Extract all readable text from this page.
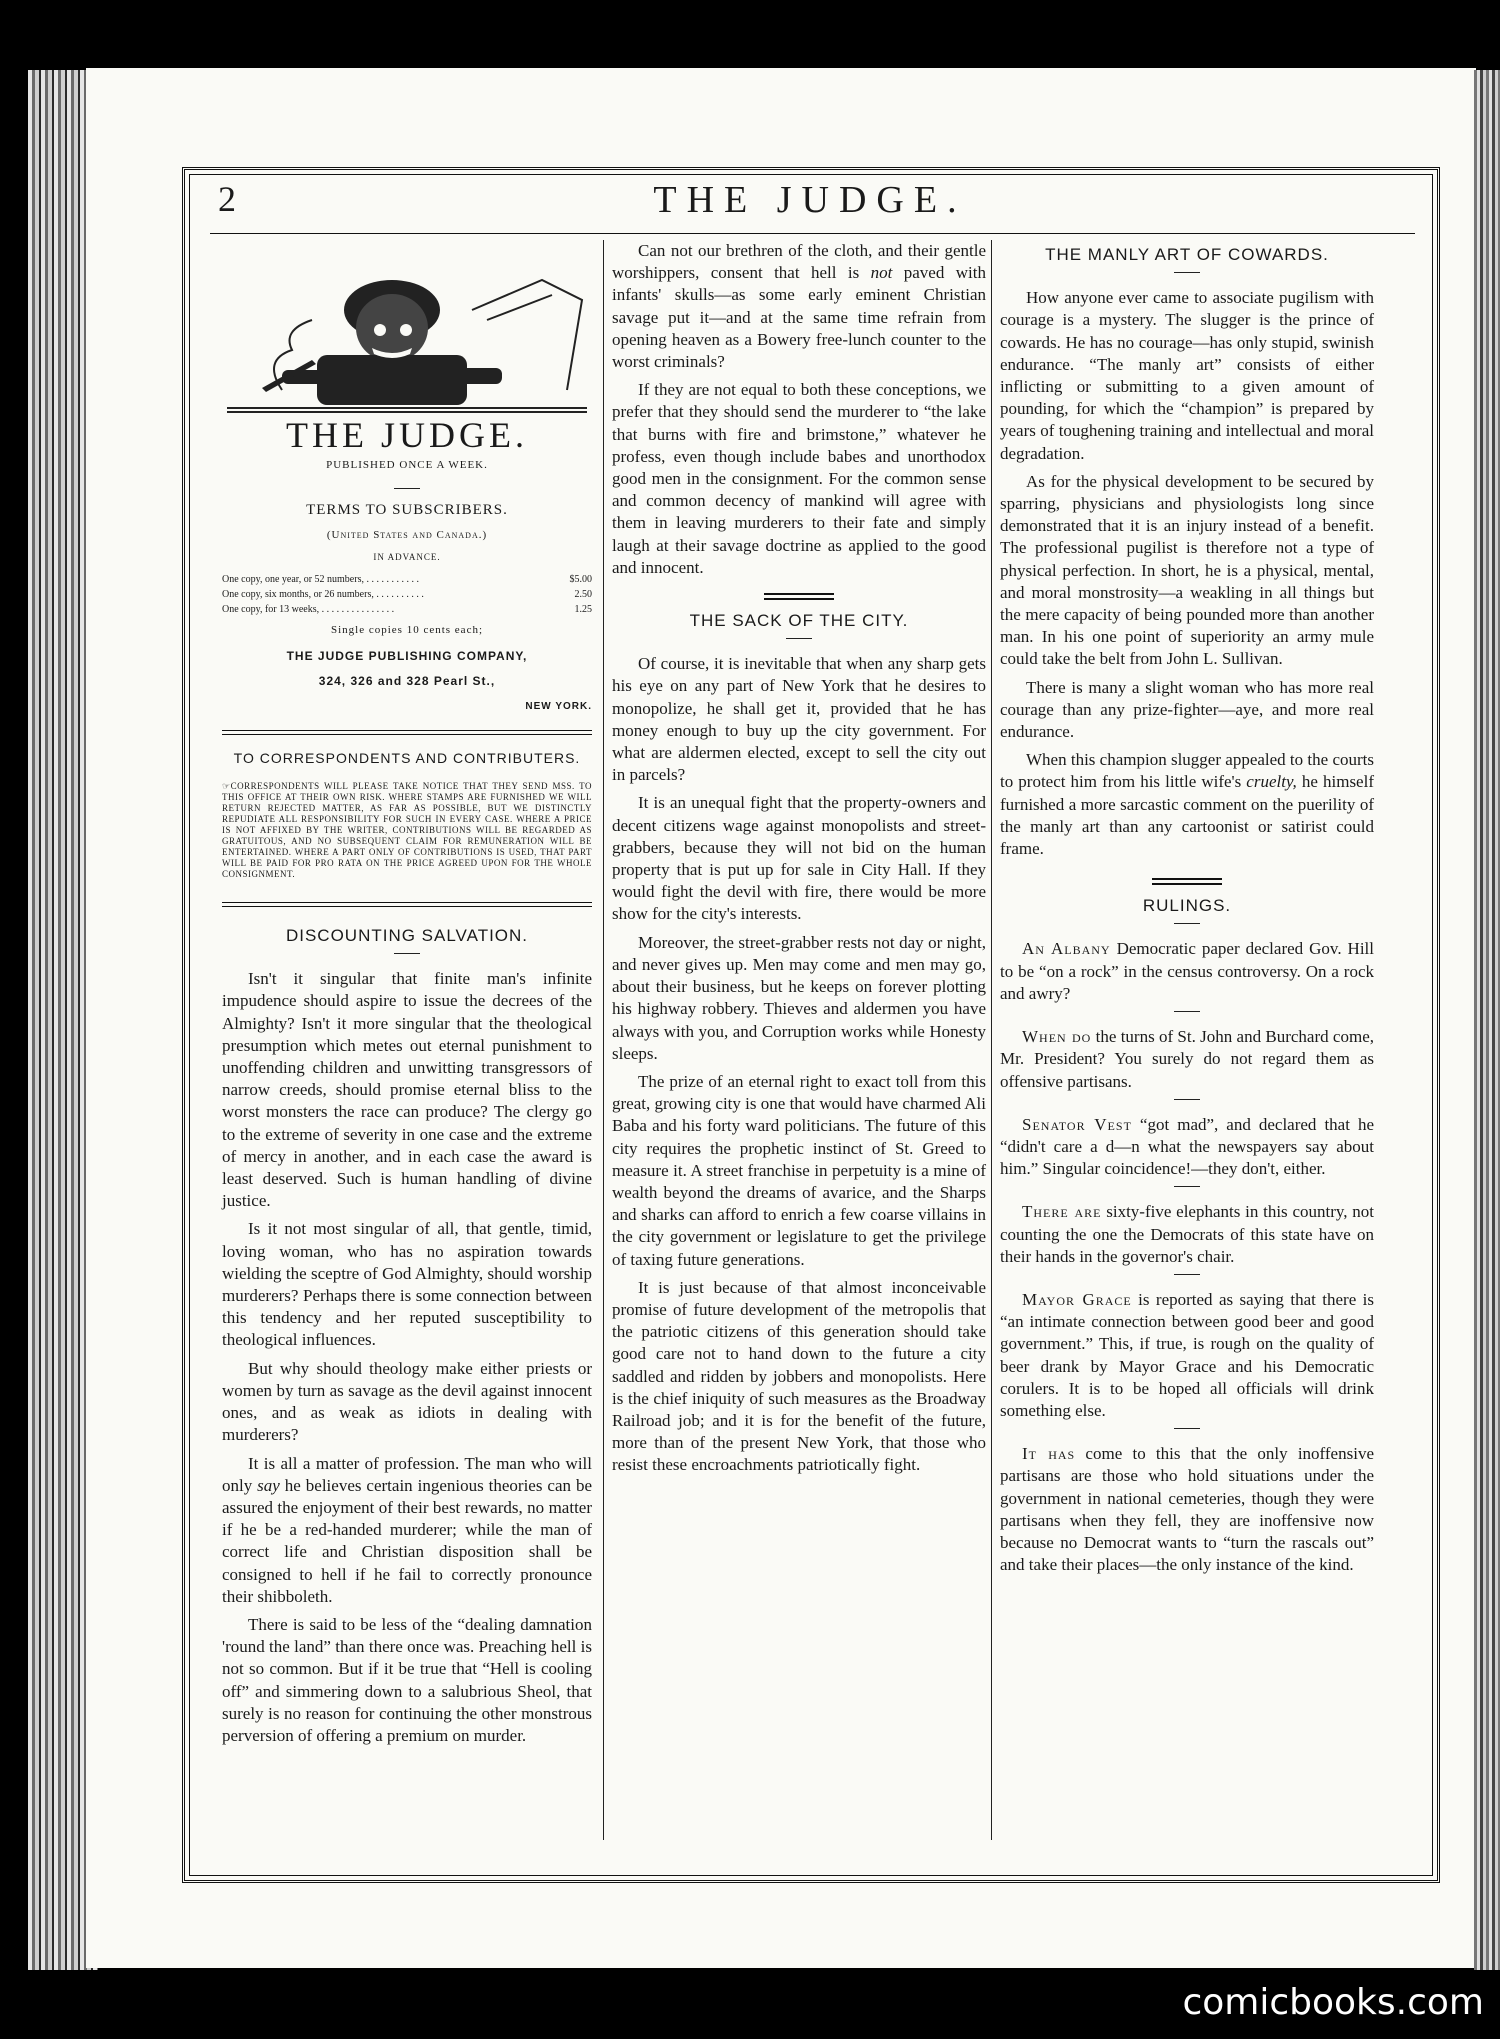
2	THE JUDGE.
THE JUDGE.
PUBLISHED ONCE A WEEK.
TERMS TO SUBSCRIBERS.
(United States and Canada.)
IN ADVANCE.
One copy, one year, or 52 numbers, . . . . . . . . . . .	$5.00
One copy, six months, or 26 numbers, . . . . . . . . . .	2.50
One copy, for 13 weeks, . . . . . . . . . . . . . . .	1.25
Single copies 10 cents each;
THE JUDGE PUBLISHING COMPANY,
324, 326 and 328 Pearl St.,
NEW YORK.
TO CORRESPONDENTS AND CONTRIBUTERS.
☞CORRESPONDENTS WILL PLEASE TAKE NOTICE THAT THEY SEND MSS. TO THIS OFFICE AT THEIR OWN RISK. WHERE STAMPS ARE FURNISHED WE WILL RETURN REJECTED MATTER, AS FAR AS POSSIBLE, BUT WE DISTINCTLY REPUDIATE ALL RESPONSIBILITY FOR SUCH IN EVERY CASE. WHERE A PRICE IS NOT AFFIXED BY THE WRITER, CONTRIBUTIONS WILL BE REGARDED AS GRATUITOUS, AND NO SUBSEQUENT CLAIM FOR REMUNERATION WILL BE ENTERTAINED. WHERE A PART ONLY OF CONTRIBUTIONS IS USED, THAT PART WILL BE PAID FOR PRO RATA ON THE PRICE AGREED UPON FOR THE WHOLE CONSIGNMENT.
DISCOUNTING SALVATION.

Isn't it singular that finite man's infinite impudence should aspire to issue the decrees of the Almighty? Isn't it more singular that the theological presumption which metes out eternal punishment to unoffending children and unwitting transgressors of narrow creeds, should promise eternal bliss to the worst monsters the race can produce? The clergy go to the extreme of severity in one case and the extreme of mercy in another, and in each case the award is least deserved. Such is human handling of divine justice.

Is it not most singular of all, that gentle, timid, loving woman, who has no aspiration towards wielding the sceptre of God Almighty, should worship murderers? Perhaps there is some connection between this tendency and her reputed susceptibility to theological influences.

But why should theology make either priests or women by turn as savage as the devil against innocent ones, and as weak as idiots in dealing with murderers?

It is all a matter of profession. The man who will only say he believes certain ingenious theories can be assured the enjoyment of their best rewards, no matter if he be a red-handed murderer; while the man of correct life and Christian disposition shall be consigned to hell if he fail to correctly pronounce their shibboleth.

There is said to be less of the “dealing damnation 'round the land” than there once was. Preaching hell is not so common. But if it be true that “Hell is cooling off” and simmering down to a salubrious Sheol, that surely is no reason for continuing the other monstrous perversion of offering a premium on murder.

Can not our brethren of the cloth, and their gentle worshippers, consent that hell is not paved with infants' skulls—as some early eminent Christian savage put it—and at the same time refrain from opening heaven as a Bowery free-lunch counter to the worst criminals?

If they are not equal to both these conceptions, we prefer that they should send the murderer to “the lake that burns with fire and brimstone,” whatever he profess, even though include babes and unorthodox good men in the consignment. For the common sense and common decency of mankind will agree with them in leaving murderers to their fate and simply laugh at their savage doctrine as applied to the good and innocent.

THE SACK OF THE CITY.

Of course, it is inevitable that when any sharp gets his eye on any part of New York that he desires to monopolize, he shall get it, provided that he has money enough to buy up the city government. For what are aldermen elected, except to sell the city out in parcels?

It is an unequal fight that the property-owners and decent citizens wage against monopolists and street-grabbers, because they will not bid on the human property that is put up for sale in City Hall. If they would fight the devil with fire, there would be more show for the city's interests.

Moreover, the street-grabber rests not day or night, and never gives up. Men may come and men may go, about their business, but he keeps on forever plotting his highway robbery. Thieves and aldermen you have always with you, and Corruption works while Honesty sleeps.

The prize of an eternal right to exact toll from this great, growing city is one that would have charmed Ali Baba and his forty ward politicians. The future of this city requires the prophetic instinct of St. Greed to measure it. A street franchise in perpetuity is a mine of wealth beyond the dreams of avarice, and the Sharps and sharks can afford to enrich a few coarse villains in the city government or legislature to get the privilege of taxing future generations.

It is just because of that almost inconceivable promise of future development of the metropolis that the patriotic citizens of this generation should take good care not to hand down to the future a city saddled and ridden by jobbers and monopolists. Here is the chief iniquity of such measures as the Broadway Railroad job; and it is for the benefit of the future, more than of the present New York, that those who resist these encroachments patriotically fight.

THE MANLY ART OF COWARDS.

How anyone ever came to associate pugilism with courage is a mystery. The slugger is the prince of cowards. He has no courage—has only stupid, swinish endurance. “The manly art” consists of either inflicting or submitting to a given amount of pounding, for which the “champion” is prepared by years of toughening training and intellectual and moral degradation.

As for the physical development to be secured by sparring, physicians and physiologists long since demonstrated that it is an injury instead of a benefit. The professional pugilist is therefore not a type of physical perfection. In short, he is a physical, mental, and moral monstrosity—a weakling in all things but the mere capacity of being pounded more than another man. In his one point of superiority an army mule could take the belt from John L. Sullivan.

There is many a slight woman who has more real courage than any prize-fighter—aye, and more real endurance.

When this champion slugger appealed to the courts to protect him from his little wife's cruelty, he himself furnished a more sarcastic comment on the puerility of the manly art than any cartoonist or satirist could frame.

RULINGS.

An Albany Democratic paper declared Gov. Hill to be “on a rock” in the census controversy. On a rock and awry?

When do the turns of St. John and Burchard come, Mr. President? You surely do not regard them as offensive partisans.

Senator Vest “got mad”, and declared that he “didn't care a d—n what the newspayers say about him.” Singular coincidence!—they don't, either.

There are sixty-five elephants in this country, not counting the one the Democrats of this state have on their hands in the governor's chair.

Mayor Grace is reported as saying that there is “an intimate connection between good beer and good government.” This, if true, is rough on the quality of beer drank by Mayor Grace and his Democratic corulers. It is to be hoped all officials will drink something else.

It has come to this that the only inoffensive partisans are those who hold situations under the government in national cemeteries, though they were partisans when they fell, they are inoffensive now because no Democrat wants to “turn the rascals out” and take their places—the only instance of the kind.

comicbooks.com
